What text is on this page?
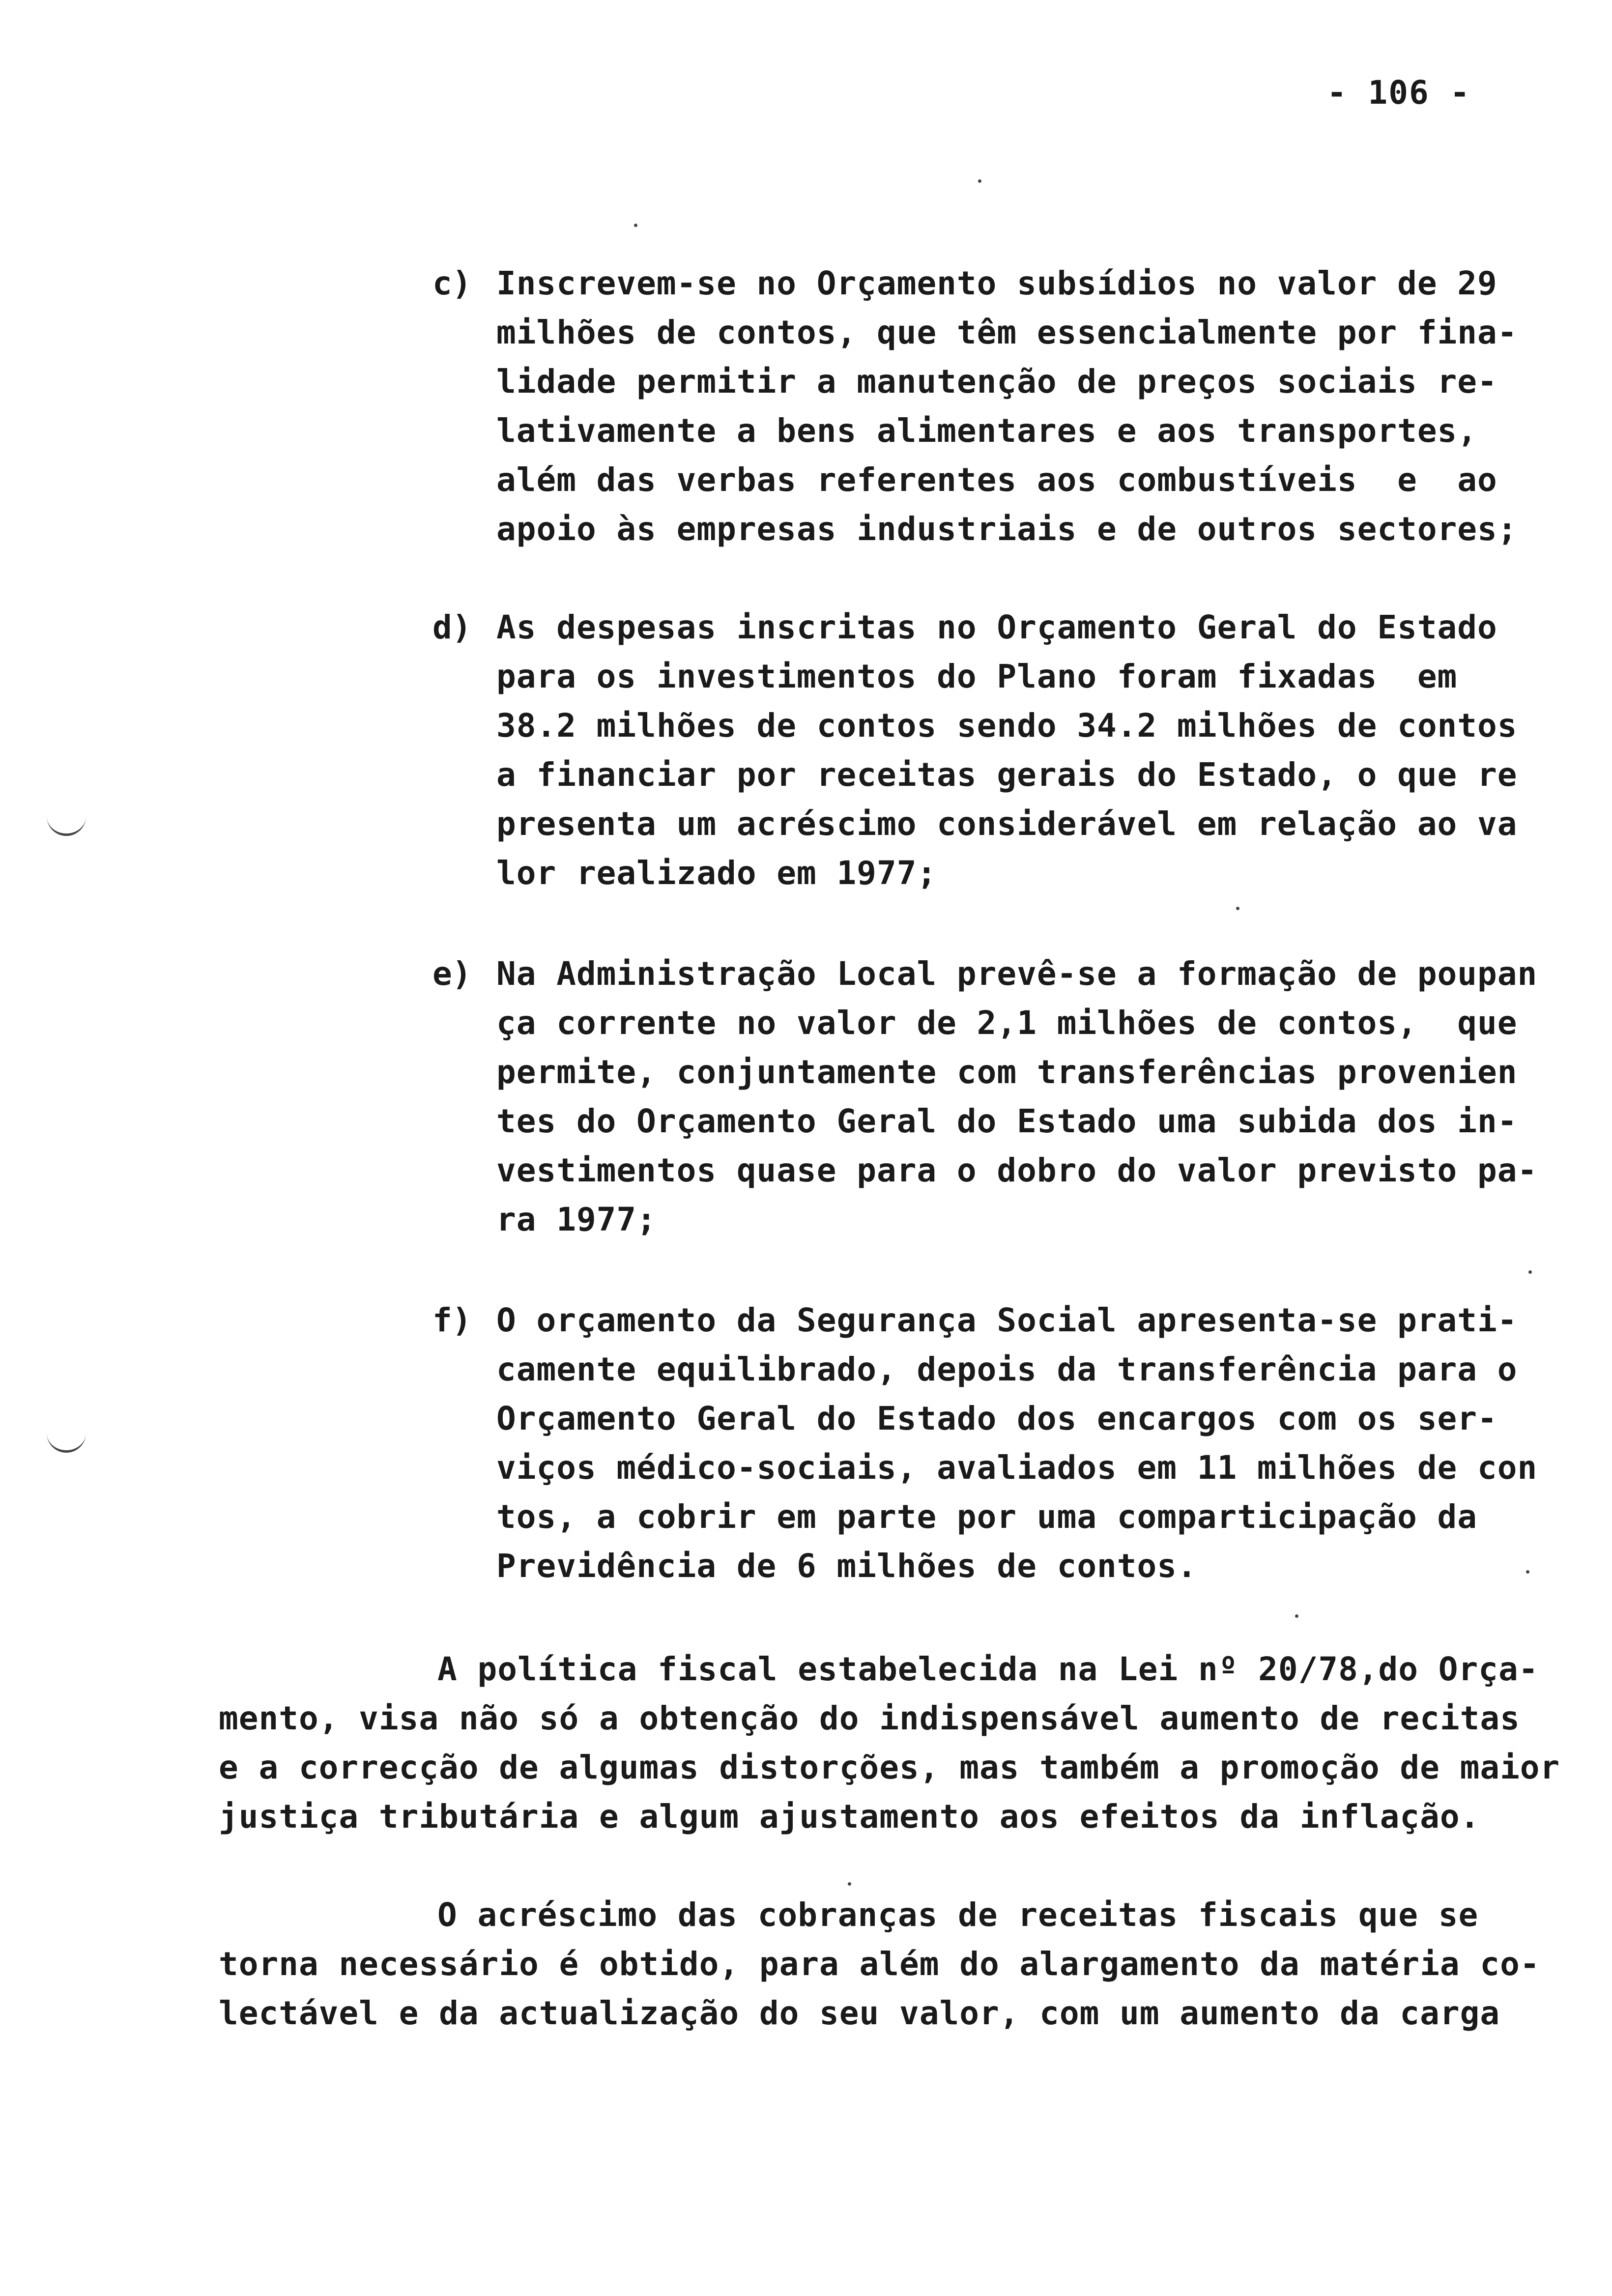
- 106 -
c) Inscrevem-se no Orçamento subsídios no valor de 29
milhões de contos, que têm essencialmente por fina-
lidade permitir a manutenção de preços sociais re-
lativamente a bens alimentares e aos transportes,
além das verbas referentes aos combustíveis  e  ao
apoio às empresas industriais e de outros sectores;
d) As despesas inscritas no Orçamento Geral do Estado
para os investimentos do Plano foram fixadas  em
38.2 milhões de contos sendo 34.2 milhões de contos
a financiar por receitas gerais do Estado, o que re
presenta um acréscimo considerável em relação ao va
lor realizado em 1977;
e) Na Administração Local prevê-se a formação de poupan
ça corrente no valor de 2,1 milhões de contos,  que
permite, conjuntamente com transferências provenien
tes do Orçamento Geral do Estado uma subida dos in-
vestimentos quase para o dobro do valor previsto pa-
ra 1977;
f) O orçamento da Segurança Social apresenta-se prati-
camente equilibrado, depois da transferência para o
Orçamento Geral do Estado dos encargos com os ser-
viços médico-sociais, avaliados em 11 milhões de con
tos, a cobrir em parte por uma comparticipação da
Previdência de 6 milhões de contos.
A política fiscal estabelecida na Lei nº 20/78,do Orça-
mento, visa não só a obtenção do indispensável aumento de recitas
e a correcção de algumas distorções, mas também a promoção de maior
justiça tributária e algum ajustamento aos efeitos da inflação.
O acréscimo das cobranças de receitas fiscais que se
torna necessário é obtido, para além do alargamento da matéria co-
lectável e da actualização do seu valor, com um aumento da carga
